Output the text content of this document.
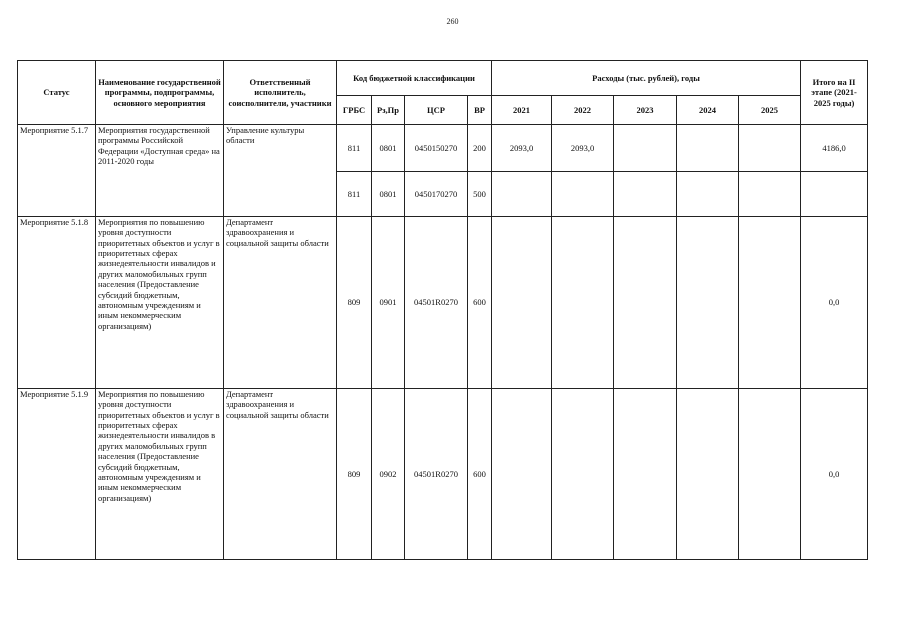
260
Статус	Наименование государственной программы, подпрограммы, основного мероприятия	Ответственный исполнитель, соисполнители, участники	Код бюджетной классификации				Расходы (тыс. рублей), годы					Итого на II этапе (2021-2025 годы)
			ГРБС	Рз,Пр	ЦСР	ВР	2021	2022	2023	2024	2025	
Мероприятие 5.1.7	Мероприятия государственной программы Российской Федерации «Доступная среда» на 2011-2020 годы	Управление культуры области	811	0801	0450150270	200	2093,0	2093,0				4186,0
			811	0801	0450170270	500						
Мероприятие 5.1.8	Мероприятия по повышению уровня доступности приоритетных объектов и услуг в приоритетных сферах жизнедеятельности инвалидов и других маломобильных групп населения (Предоставление субсидий бюджетным, автономным учреждениям и иным некоммерческим организациям)	Департамент здравоохранения и социальной защиты области	809	0901	04501R0270	600						0,0
Мероприятие 5.1.9	Мероприятия по повышению уровня доступности приоритетных объектов и услуг в приоритетных сферах жизнедеятельности инвалидов в других маломобильных групп населения (Предоставление субсидий бюджетным, автономным учреждениям и иным некоммерческим организациям)	Департамент здравоохранения и социальной защиты области	809	0902	04501R0270	600						0,0
